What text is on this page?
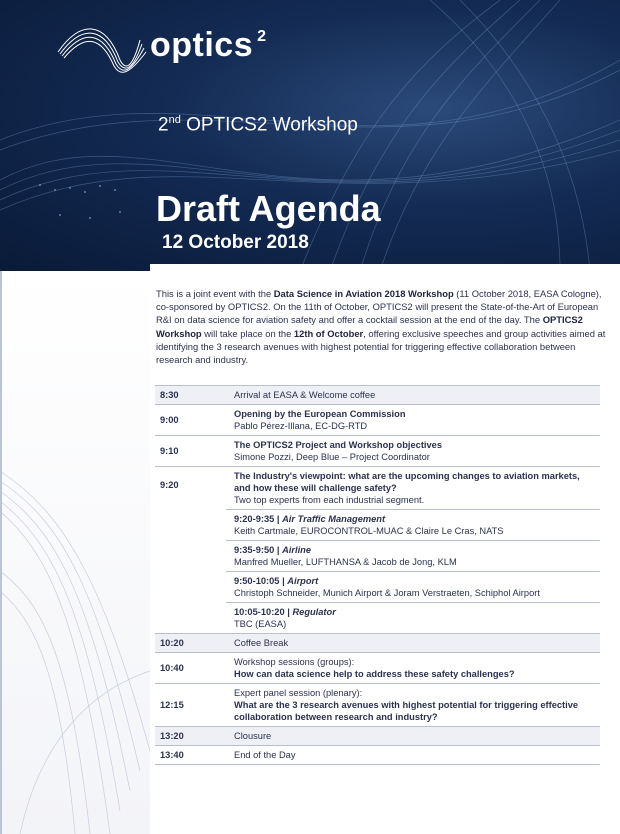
optics $^2$
2nd OPTICS2 Workshop
Draft Agenda
12 October 2018
This is a joint event with the Data Science in Aviation 2018 Workshop (11 October 2018, EASA Cologne), co-sponsored by OPTICS2. On the 11th of October, OPTICS2 will present the State-of-the-Art of European R&I on data science for aviation safety and offer a cocktail session at the end of the day. The OPTICS2 Workshop will take place on the 12th of October, offering exclusive speeches and group activities aimed at identifying the 3 research avenues with highest potential for triggering effective collaboration between research and industry.
8:30	Arrival at EASA & Welcome coffee
9:00	Opening by the European Commission
Pablo Pérez-Illana, EC-DG-RTD

9:10	The OPTICS2 Project and Workshop objectives
Simone Pozzi, Deep Blue – Project Coordinator

9:20	The Industry's viewpoint: what are the upcoming changes to aviation markets, and how these will challenge safety?
Two top experts from each industrial segment.

	9:20-9:35 | Air Traffic Management
Keith Cartmale, EUROCONTROL-MUAC & Claire Le Cras, NATS

	9:35-9:50 | Airline
Manfred Mueller, LUFTHANSA & Jacob de Jong, KLM

	9:50-10:05 | Airport
Christoph Schneider, Munich Airport & Joram Verstraeten, Schiphol Airport

	10:05-10:20 | Regulator
TBC (EASA)

10:20	Coffee Break
10:40	Workshop sessions (groups):
How can data science help to address these safety challenges?

12:15	Expert panel session (plenary):
What are the 3 research avenues with highest potential for triggering effective collaboration between research and industry?

13:20	Clousure
13:40	End of the Day
